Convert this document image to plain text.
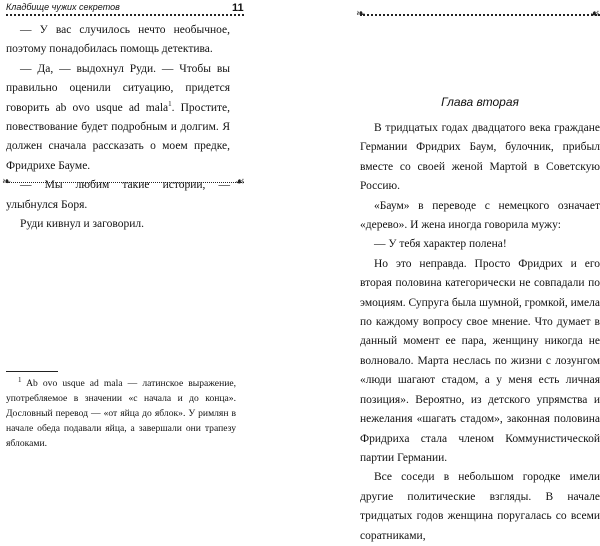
Кладбище чужих секретов	11

— У вас случилось нечто необычное, поэтому понадобилась помощь детектива.

— Да, — выдохнул Руди. — Чтобы вы правильно оценили ситуацию, придется говорить ab ovo usque ad mala$^1$. Простите, повествование будет подробным и долгим. Я должен сначала рассказать о моем предке, Фридрихе Бауме.

— Мы любим такие истории, — улыбнулся Боря.

Руди кивнул и заговорил.

❧	☙
$^1$ Ab ovo usque ad mala — латинское выражение, употребляемое в значении «с начала и до конца». Дословный перевод — «от яйца до яблок». У римлян в начале обеда подавали яйца, а завершали они трапезу яблоками.
❧	☙
Глава вторая

В тридцатых годах двадцатого века граждане Германии Фридрих Баум, булочник, прибыл вместе со своей женой Мартой в Советскую Россию.

«Баум» в переводе с немецкого означает «дерево». И жена иногда говорила мужу:

— У тебя характер полена!

Но это неправда. Просто Фридрих и его вторая половина категорически не совпадали по эмоциям. Супруга была шумной, громкой, имела по каждому вопросу свое мнение. Что думает в данный момент ее пара, женщину никогда не волновало. Марта неслась по жизни с лозунгом «люди шагают стадом, а у меня есть личная позиция». Вероятно, из детского упрямства и нежелания «шагать стадом», законная половина Фридриха стала членом Коммунистической партии Германии.

Все соседи в небольшом городке имели другие политические взгляды. В начале тридцатых годов женщина поругалась со всеми соратниками,
